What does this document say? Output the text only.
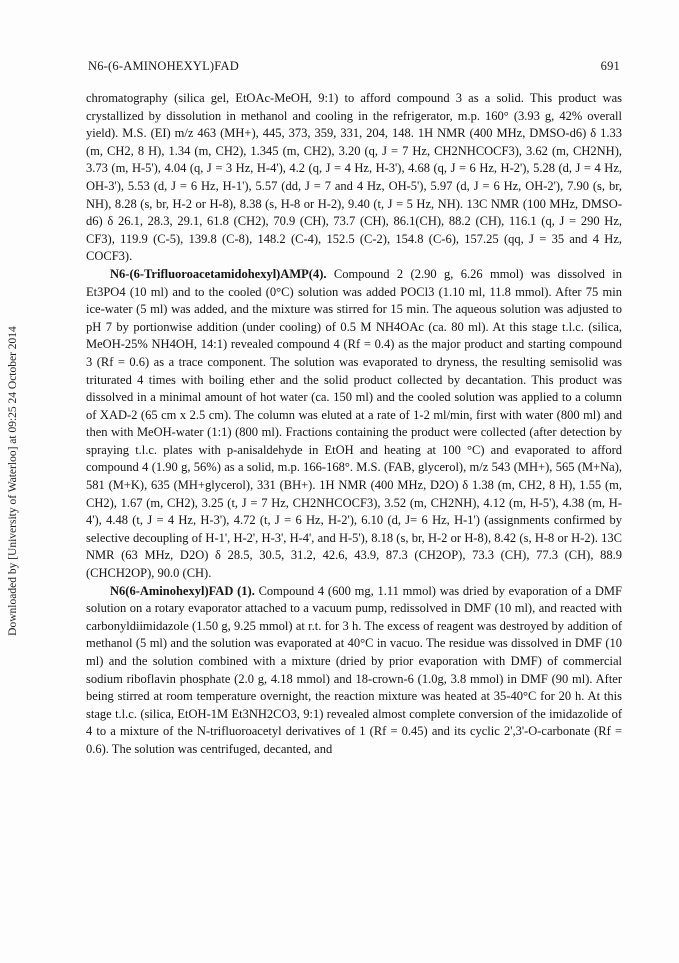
N6-(6-AMINOHEXYL)FAD	691
Downloaded by [University of Waterloo] at 09:25 24 October 2014

chromatography (silica gel, EtOAc-MeOH, 9:1) to afford compound 3 as a solid. This product was crystallized by dissolution in methanol and cooling in the refrigerator, m.p. 160° (3.93 g, 42% overall yield). M.S. (EI) m/z 463 (MH+), 445, 373, 359, 331, 204, 148. 1H NMR (400 MHz, DMSO-d6) δ 1.33 (m, CH2, 8 H), 1.34 (m, CH2), 1.345 (m, CH2), 3.20 (q, J = 7 Hz, CH2NHCOCF3), 3.62 (m, CH2NH), 3.73 (m, H-5'), 4.04 (q, J = 3 Hz, H-4'), 4.2 (q, J = 4 Hz, H-3'), 4.68 (q, J = 6 Hz, H-2'), 5.28 (d, J = 4 Hz, OH-3'), 5.53 (d, J = 6 Hz, H-1'), 5.57 (dd, J = 7 and 4 Hz, OH-5'), 5.97 (d, J = 6 Hz, OH-2'), 7.90 (s, br, NH), 8.28 (s, br, H-2 or H-8), 8.38 (s, H-8 or H-2), 9.40 (t, J = 5 Hz, NH). 13C NMR (100 MHz, DMSO-d6) δ 26.1, 28.3, 29.1, 61.8 (CH2), 70.9 (CH), 73.7 (CH), 86.1(CH), 88.2 (CH), 116.1 (q, J = 290 Hz, CF3), 119.9 (C-5), 139.8 (C-8), 148.2 (C-4), 152.5 (C-2), 154.8 (C-6), 157.25 (qq, J = 35 and 4 Hz, COCF3).

N6-(6-Trifluoroacetamidohexyl)AMP(4). Compound 2 (2.90 g, 6.26 mmol) was dissolved in Et3PO4 (10 ml) and to the cooled (0°C) solution was added POCl3 (1.10 ml, 11.8 mmol). After 75 min ice-water (5 ml) was added, and the mixture was stirred for 15 min. The aqueous solution was adjusted to pH 7 by portionwise addition (under cooling) of 0.5 M NH4OAc (ca. 80 ml). At this stage t.l.c. (silica, MeOH-25% NH4OH, 14:1) revealed compound 4 (Rf = 0.4) as the major product and starting compound 3 (Rf = 0.6) as a trace component. The solution was evaporated to dryness, the resulting semisolid was triturated 4 times with boiling ether and the solid product collected by decantation. This product was dissolved in a minimal amount of hot water (ca. 150 ml) and the cooled solution was applied to a column of XAD-2 (65 cm x 2.5 cm). The column was eluted at a rate of 1-2 ml/min, first with water (800 ml) and then with MeOH-water (1:1) (800 ml). Fractions containing the product were collected (after detection by spraying t.l.c. plates with p-anisaldehyde in EtOH and heating at 100 °C) and evaporated to afford compound 4 (1.90 g, 56%) as a solid, m.p. 166-168°. M.S. (FAB, glycerol), m/z 543 (MH+), 565 (M+Na), 581 (M+K), 635 (MH+glycerol), 331 (BH+). 1H NMR (400 MHz, D2O) δ 1.38 (m, CH2, 8 H), 1.55 (m, CH2), 1.67 (m, CH2), 3.25 (t, J = 7 Hz, CH2NHCOCF3), 3.52 (m, CH2NH), 4.12 (m, H-5'), 4.38 (m, H-4'), 4.48 (t, J = 4 Hz, H-3'), 4.72 (t, J = 6 Hz, H-2'), 6.10 (d, J= 6 Hz, H-1') (assignments confirmed by selective decoupling of H-1', H-2', H-3', H-4', and H-5'), 8.18 (s, br, H-2 or H-8), 8.42 (s, H-8 or H-2). 13C NMR (63 MHz, D2O) δ 28.5, 30.5, 31.2, 42.6, 43.9, 87.3 (CH2OP), 73.3 (CH), 77.3 (CH), 88.9 (CHCH2OP), 90.0 (CH).

N6(6-Aminohexyl)FAD (1). Compound 4 (600 mg, 1.11 mmol) was dried by evaporation of a DMF solution on a rotary evaporator attached to a vacuum pump, redissolved in DMF (10 ml), and reacted with carbonyldiimidazole (1.50 g, 9.25 mmol) at r.t. for 3 h. The excess of reagent was destroyed by addition of methanol (5 ml) and the solution was evaporated at 40°C in vacuo. The residue was dissolved in DMF (10 ml) and the solution combined with a mixture (dried by prior evaporation with DMF) of commercial sodium riboflavin phosphate (2.0 g, 4.18 mmol) and 18-crown-6 (1.0g, 3.8 mmol) in DMF (90 ml). After being stirred at room temperature overnight, the reaction mixture was heated at 35-40°C for 20 h. At this stage t.l.c. (silica, EtOH-1M Et3NH2CO3, 9:1) revealed almost complete conversion of the imidazolide of 4 to a mixture of the N-trifluoroacetyl derivatives of 1 (Rf = 0.45) and its cyclic 2',3'-O-carbonate (Rf = 0.6). The solution was centrifuged, decanted, and
